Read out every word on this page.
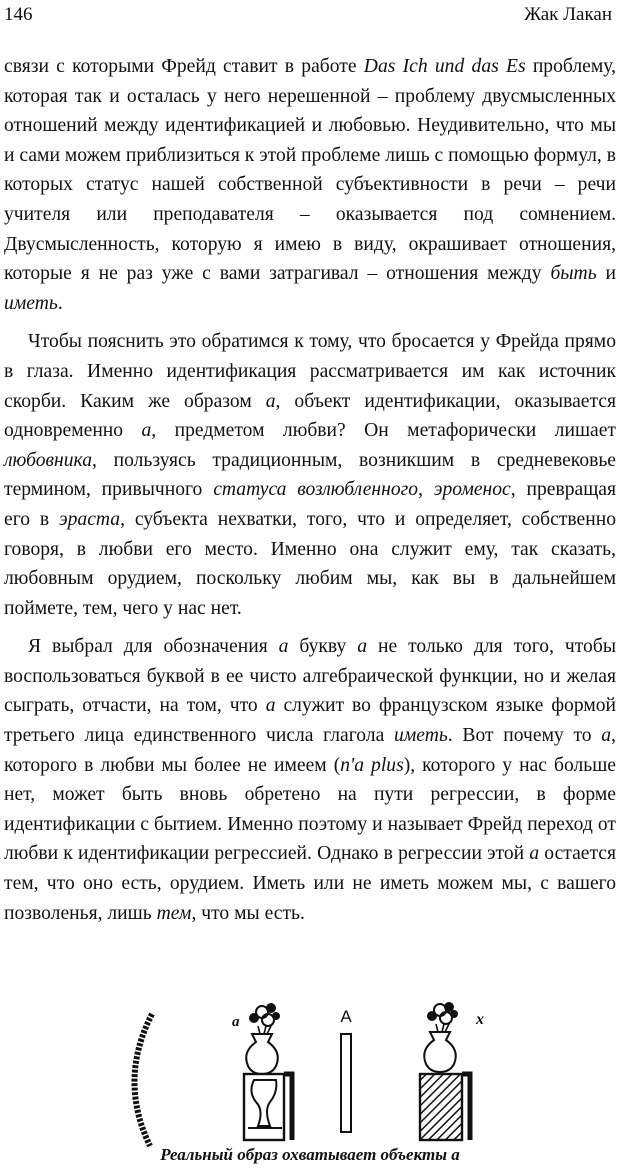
146	Жак Лакан

связи с которыми Фрейд ставит в работе Das Ich und das Es проблему, которая так и осталась у него нерешенной – проблему двусмысленных отношений между идентификацией и любовью. Неудивительно, что мы и сами можем приблизиться к этой проблеме лишь с помощью формул, в которых статус нашей собственной субъективности в речи – речи учителя или преподавателя – оказывается под сомнением. Двусмысленность, которую я имею в виду, окрашивает отношения, которые я не раз уже с вами затрагивал – отношения между быть и иметь.

Чтобы пояснить это обратимся к тому, что бросается у Фрейда прямо в глаза. Именно идентификация рассматривается им как источник скорби. Каким же образом а, объект идентификации, оказывается одновременно а, предметом любви? Он метафорически лишает любовника, пользуясь традиционным, возникшим в средневековье термином, привычного статуса возлюбленного, эроменос, превращая его в эраста, субъекта нехватки, того, что и определяет, собственно говоря, в любви его место. Именно она служит ему, так сказать, любовным орудием, поскольку любим мы, как вы в дальнейшем поймете, тем, чего у нас нет.

Я выбрал для обозначения а букву а не только для того, чтобы воспользоваться буквой в ее чисто алгебраической функции, но и желая сыграть, отчасти, на том, что а служит во французском языке формой третьего лица единственного числа глагола иметь. Вот почему то а, которого в любви мы более не имеем (n'a plus), которого у нас больше нет, может быть вновь обретено на пути регрессии, в форме идентификации с бытием. Именно поэтому и называет Фрейд переход от любви к идентификации регрессией. Однако в регрессии этой а остается тем, что оно есть, орудием. Иметь или не иметь можем мы, с вашего позволенья, лишь тем, что мы есть.

a	A	x
Реальный образ охватывает объекты а
